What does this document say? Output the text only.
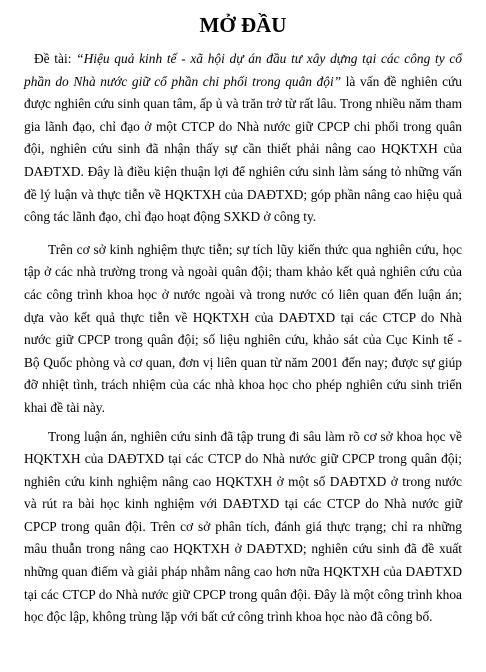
MỞ ĐẦU

Đề tài: “Hiệu quả kinh tế - xã hội dự án đầu tư xây dựng tại các công ty cổ phần do Nhà nước giữ cổ phần chi phối trong quân đội” là vấn đề nghiên cứu được nghiên cứu sinh quan tâm, ấp ủ và trăn trở từ rất lâu. Trong nhiều năm tham gia lãnh đạo, chỉ đạo ở một CTCP do Nhà nước giữ CPCP chi phối trong quân đội, nghiên cứu sinh đã nhận thấy sự cần thiết phải nâng cao HQKTXH của DAĐTXD. Đây là điều kiện thuận lợi để nghiên cứu sinh làm sáng tỏ những vấn đề lý luận và thực tiễn về HQKTXH của DAĐTXD; góp phần nâng cao hiệu quả công tác lãnh đạo, chỉ đạo hoạt động SXKD ở công ty.

Trên cơ sở kinh nghiệm thực tiễn; sự tích lũy kiến thức qua nghiên cứu, học tập ở các nhà trường trong và ngoài quân đội; tham khảo kết quả nghiên cứu của các công trình khoa học ở nước ngoài và trong nước có liên quan đến luận án; dựa vào kết quả thực tiễn về HQKTXH của DAĐTXD tại các CTCP do Nhà nước giữ CPCP trong quân đội; số liệu nghiên cứu, khảo sát của Cục Kinh tế - Bộ Quốc phòng và cơ quan, đơn vị liên quan từ năm 2001 đến nay; được sự giúp đỡ nhiệt tình, trách nhiệm của các nhà khoa học cho phép nghiên cứu sinh triển khai đề tài này.

Trong luận án, nghiên cứu sinh đã tập trung đi sâu làm rõ cơ sở khoa học về HQKTXH của DAĐTXD tại các CTCP do Nhà nước giữ CPCP trong quân đội; nghiên cứu kinh nghiệm nâng cao HQKTXH ở một số DAĐTXD ở trong nước và rút ra bài học kinh nghiệm với DAĐTXD tại các CTCP do Nhà nước giữ CPCP trong quân đội. Trên cơ sở phân tích, đánh giá thực trạng; chỉ ra những mâu thuẫn trong nâng cao HQKTXH ở DAĐTXD; nghiên cứu sinh đã đề xuất những quan điểm và giải pháp nhằm nâng cao hơn nữa HQKTXH của DAĐTXD tại các CTCP do Nhà nước giữ CPCP trong quân đội. Đây là một công trình khoa học độc lập, không trùng lặp với bất cứ công trình khoa học nào đã công bố.
